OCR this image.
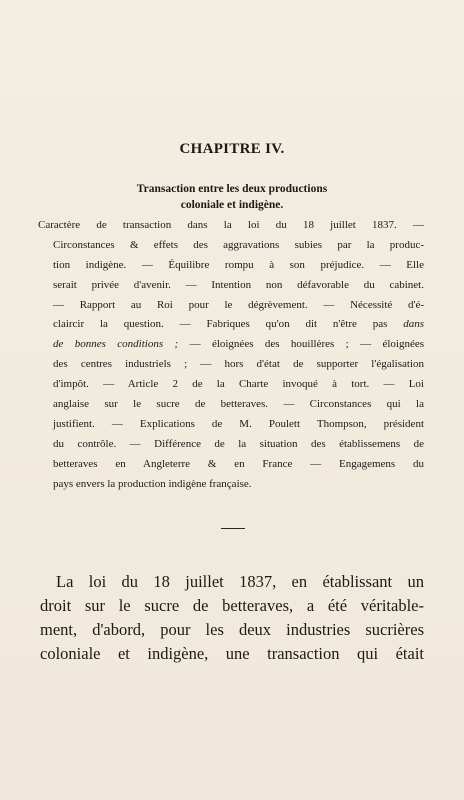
CHAPITRE IV.
Transaction entre les deux productions
coloniale et indigène.
Caractère de transaction dans la loi du 18 juillet 1837. —
Circonstances & effets des aggravations subies par la produc-
tion indigène. — Équilibre rompu à son préjudice. — Elle
serait privée d'avenir. — Intention non défavorable du cabinet.
— Rapport au Roi pour le dégrèvement. — Nécessité d'é-
claircir la question. — Fabriques qu'on dit n'être pas dans
de bonnes conditions ; — éloignées des houillères ; — éloignées
des centres industriels ; — hors d'état de supporter l'égalisation
d'impôt. — Article 2 de la Charte invoqué à tort. — Loi
anglaise sur le sucre de betteraves. — Circonstances qui la
justifient. — Explications de M. Poulett Thompson, président
du contrôle. — Différence de la situation des établissemens de
betteraves en Angleterre & en France — Engagemens du
pays envers la production indigène française.
La loi du 18 juillet 1837, en établissant un
droit sur le sucre de betteraves, a été véritable-
ment, d'abord, pour les deux industries sucrières
coloniale et indigène, une transaction qui était
